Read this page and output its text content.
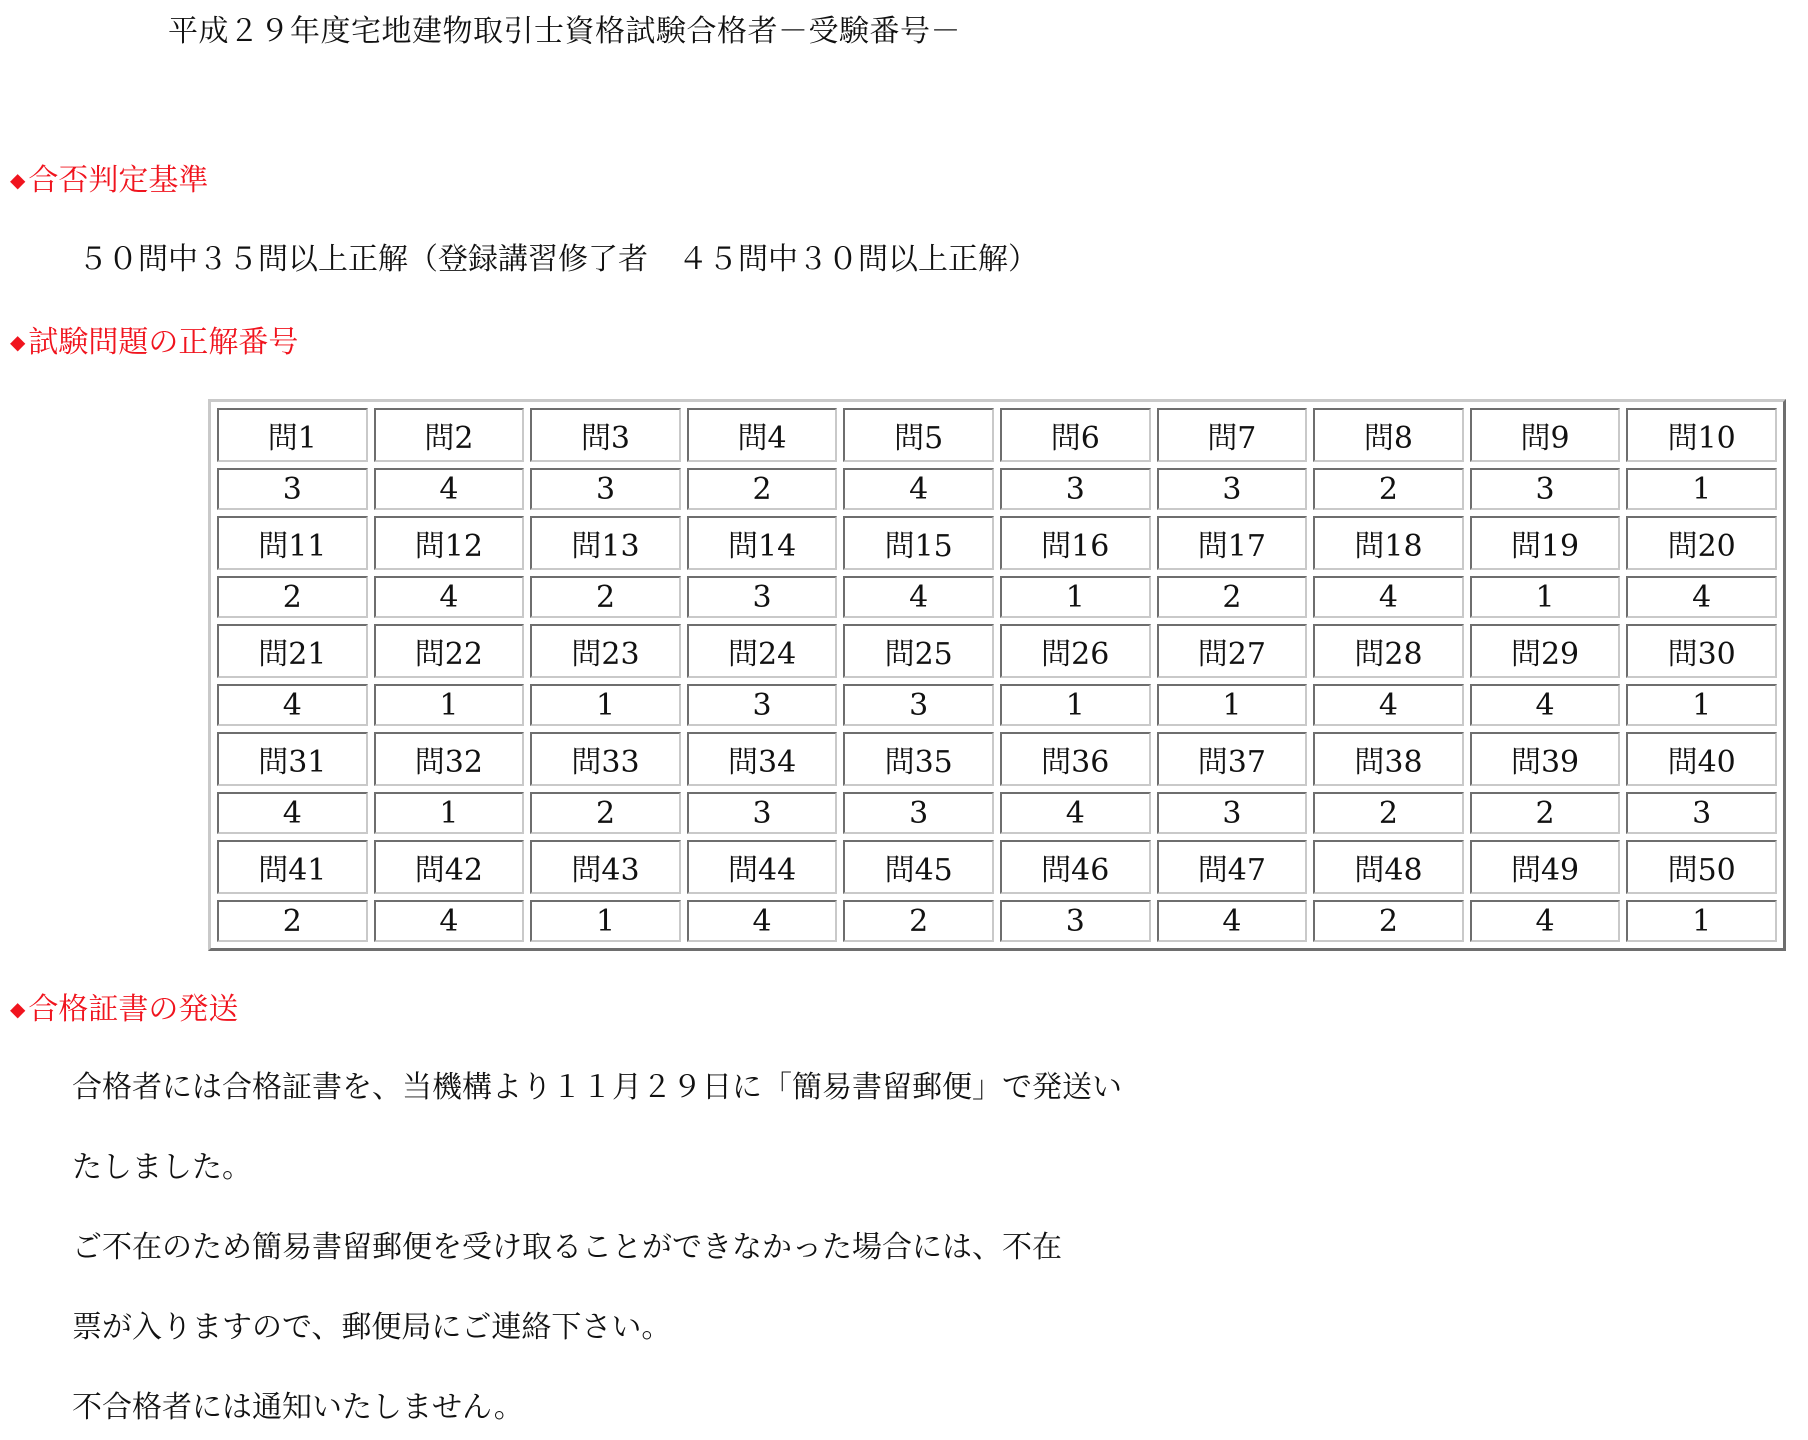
平成２９年度宅地建物取引士資格試験合格者－受験番号－
◆ 合否判定基準
５０問中３５問以上正解（登録講習修了者　４５問中３０問以上正解）
◆ 試験問題の正解番号
問1	問2	問3	問4	問5	問6	問7	問8	問9	問10
3	4	3	2	4	3	3	2	3	1
問11	問12	問13	問14	問15	問16	問17	問18	問19	問20
2	4	2	3	4	1	2	4	1	4
問21	問22	問23	問24	問25	問26	問27	問28	問29	問30
4	1	1	3	3	1	1	4	4	1
問31	問32	問33	問34	問35	問36	問37	問38	問39	問40
4	1	2	3	3	4	3	2	2	3
問41	問42	問43	問44	問45	問46	問47	問48	問49	問50
2	4	1	4	2	3	4	2	4	1
◆ 合格証書の発送
合格者には合格証書を、当機構より１１月２９日に「簡易書留郵便」で発送い
たしました。
ご不在のため簡易書留郵便を受け取ることができなかった場合には、不在
票が入りますので、郵便局にご連絡下さい。
不合格者には通知いたしません。
